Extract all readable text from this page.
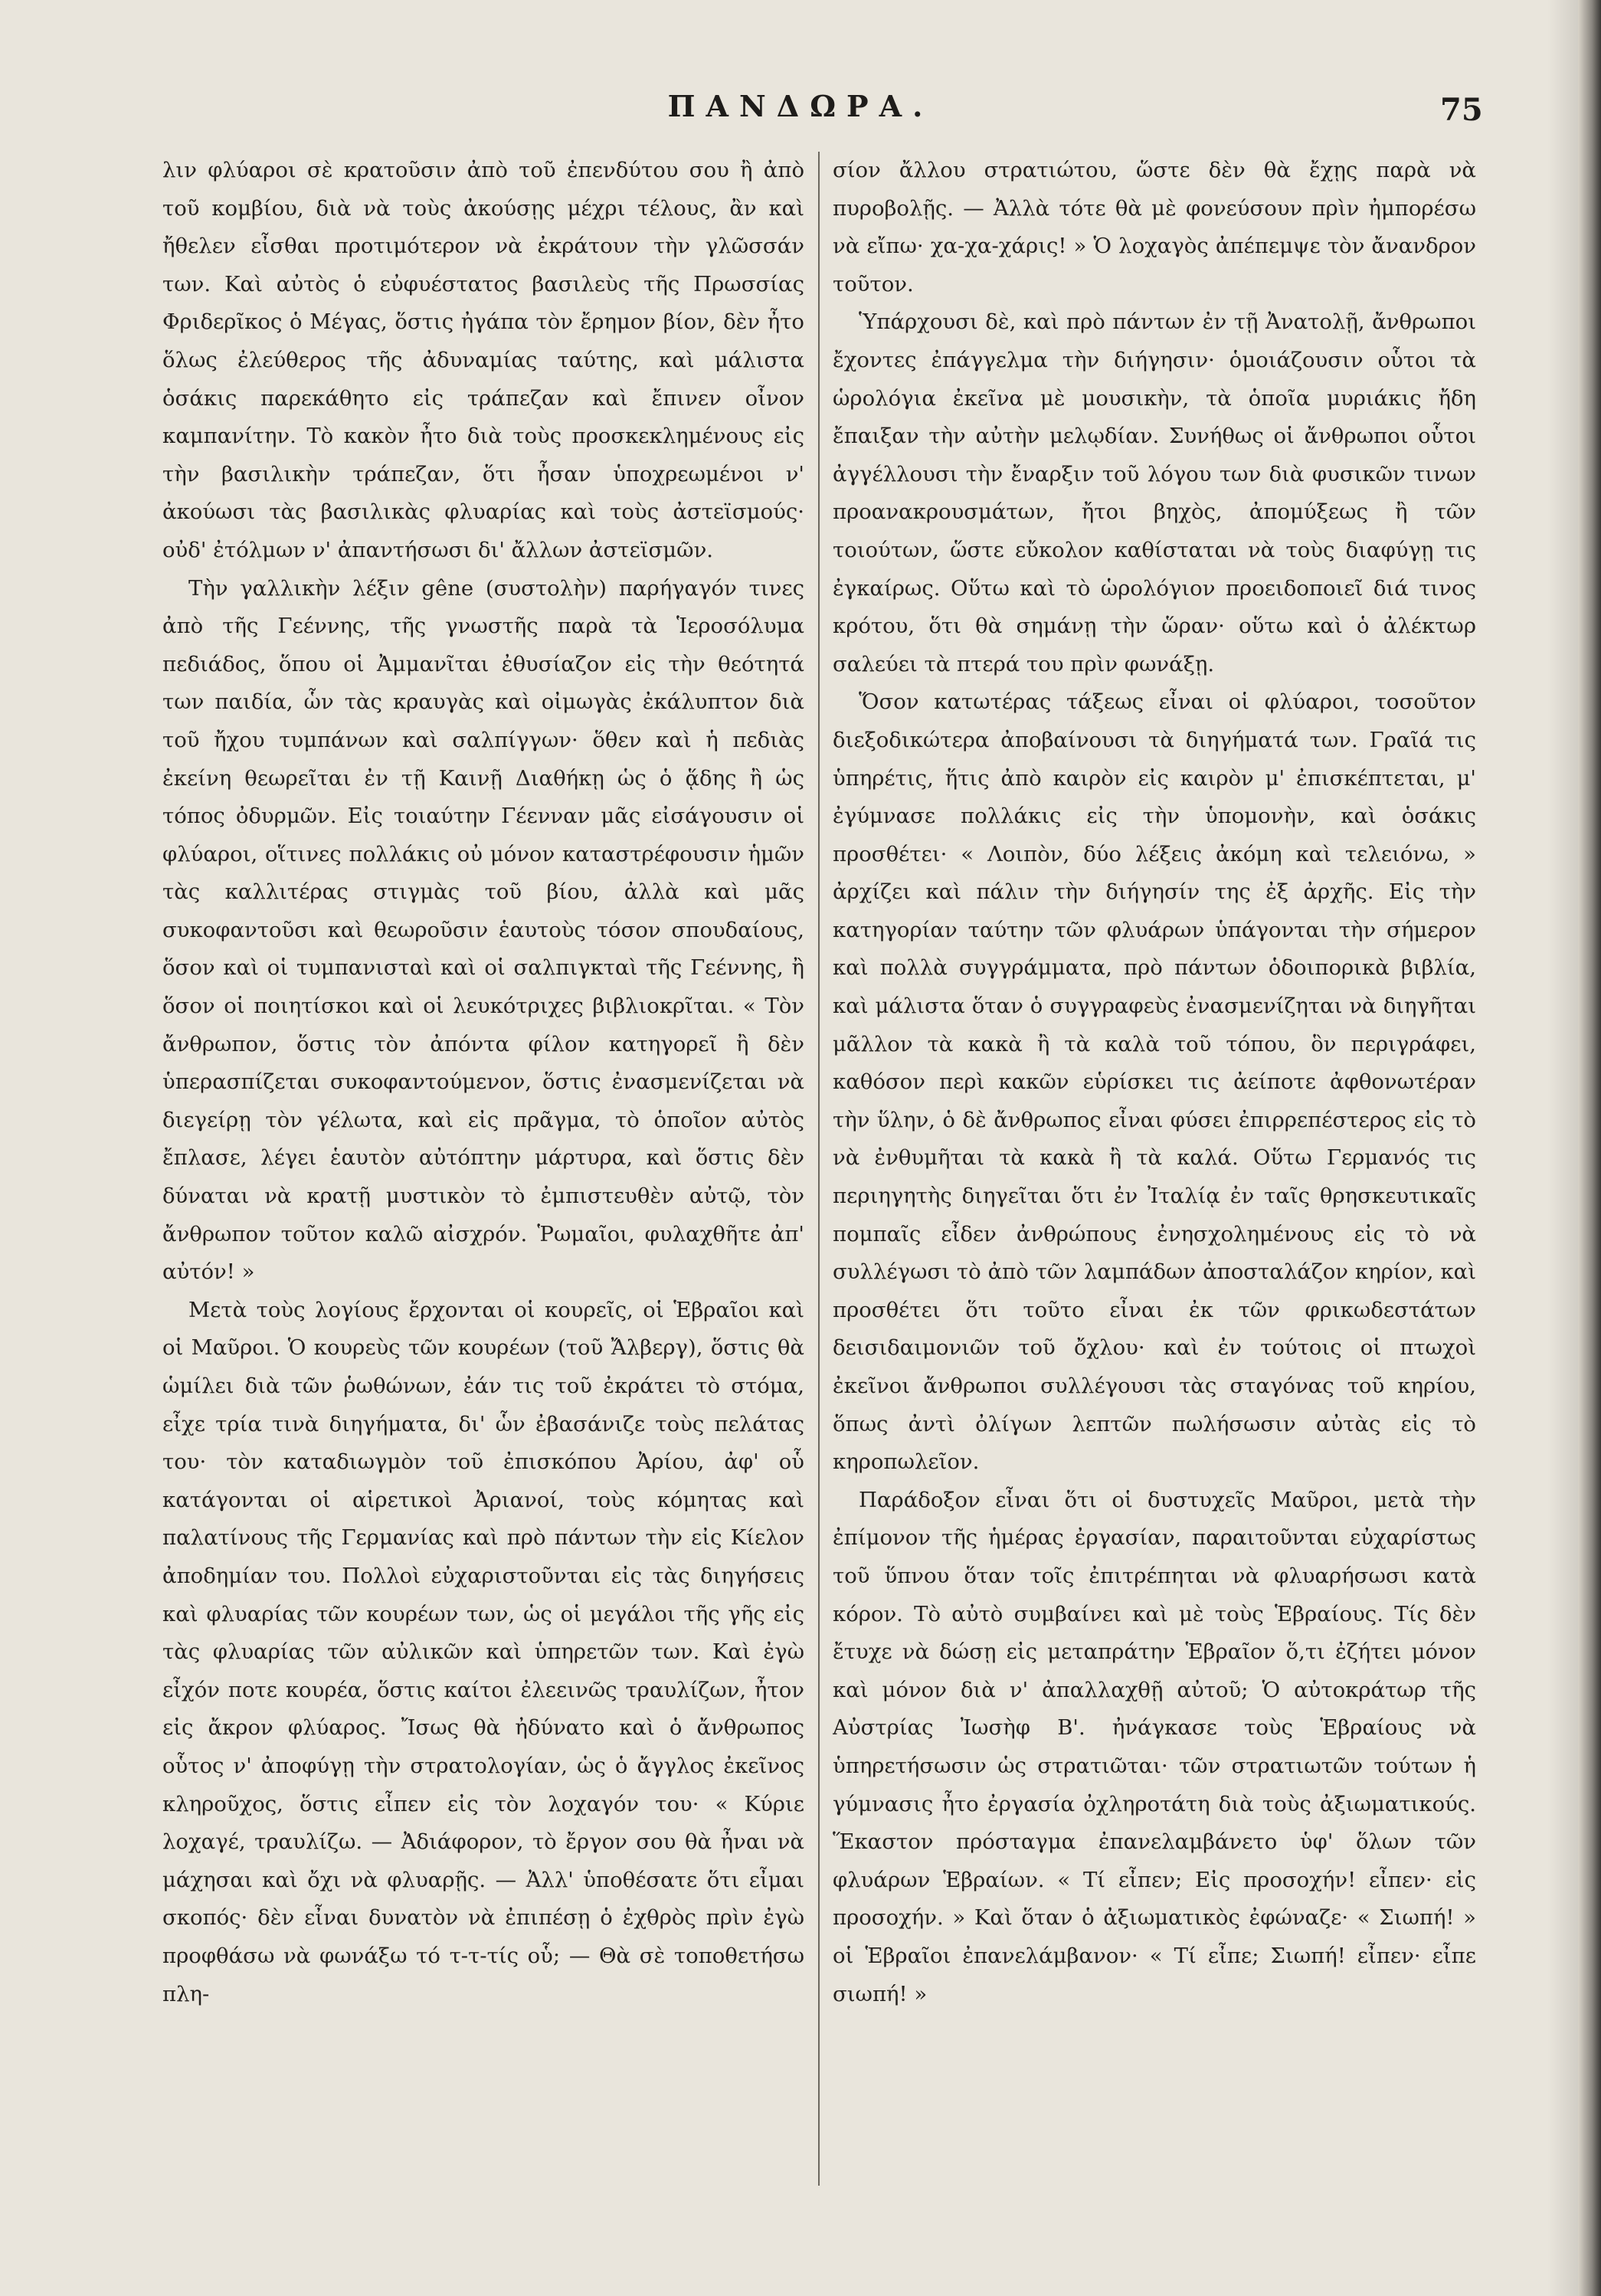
ΠΑΝΔΩΡΑ.	75

λιν φλύαροι σὲ κρατοῦσιν ἀπὸ τοῦ ἐπενδύτου σου ἢ ἀπὸ τοῦ κομβίου, διὰ νὰ τοὺς ἀκούσῃς μέχρι τέλους, ἂν καὶ ἤθελεν εἶσθαι προτιμότερον νὰ ἐκράτουν τὴν γλῶσσάν των. Καὶ αὐτὸς ὁ εὐφυέστατος βασιλεὺς τῆς Πρωσσίας Φριδερῖκος ὁ Μέγας, ὅστις ἠγάπα τὸν ἔρημον βίον, δὲν ἦτο ὅλως ἐλεύθερος τῆς ἀδυναμίας ταύτης, καὶ μάλιστα ὁσάκις παρεκάθητο εἰς τράπεζαν καὶ ἔπινεν οἶνον καμπανίτην. Τὸ κακὸν ἦτο διὰ τοὺς προσκεκλημένους εἰς τὴν βασιλικὴν τράπεζαν, ὅτι ἦσαν ὑποχρεωμένοι ν' ἀκούωσι τὰς βασιλικὰς φλυαρίας καὶ τοὺς ἀστεϊσμούς· οὐδ' ἐτόλμων ν' ἀπαντήσωσι δι' ἄλλων ἀστεϊσμῶν.

Τὴν γαλλικὴν λέξιν gêne (συστολὴν) παρήγαγόν τινες ἀπὸ τῆς Γεέννης, τῆς γνωστῆς παρὰ τὰ Ἱεροσόλυμα πεδιάδος, ὅπου οἱ Ἀμμανῖται ἐθυσίαζον εἰς τὴν θεότητά των παιδία, ὧν τὰς κραυγὰς καὶ οἰμωγὰς ἐκάλυπτον διὰ τοῦ ἤχου τυμπάνων καὶ σαλπίγγων· ὅθεν καὶ ἡ πεδιὰς ἐκείνη θεωρεῖται ἐν τῇ Καινῇ Διαθήκῃ ὡς ὁ ᾅδης ἢ ὡς τόπος ὀδυρμῶν. Εἰς τοιαύτην Γέενναν μᾶς εἰσάγουσιν οἱ φλύαροι, οἵτινες πολλάκις οὐ μόνον καταστρέφουσιν ἡμῶν τὰς καλλιτέρας στιγμὰς τοῦ βίου, ἀλλὰ καὶ μᾶς συκοφαντοῦσι καὶ θεωροῦσιν ἑαυτοὺς τόσον σπουδαίους, ὅσον καὶ οἱ τυμπανισταὶ καὶ οἱ σαλπιγκταὶ τῆς Γεέννης, ἢ ὅσον οἱ ποιητίσκοι καὶ οἱ λευκότριχες βιβλιοκρῖται. « Τὸν ἄνθρωπον, ὅστις τὸν ἀπόντα φίλον κατηγορεῖ ἢ δὲν ὑπερασπίζεται συκοφαντούμενον, ὅστις ἐνασμενίζεται νὰ διεγείρῃ τὸν γέλωτα, καὶ εἰς πρᾶγμα, τὸ ὁποῖον αὐτὸς ἔπλασε, λέγει ἑαυτὸν αὐτόπτην μάρτυρα, καὶ ὅστις δὲν δύναται νὰ κρατῇ μυστικὸν τὸ ἐμπιστευθὲν αὐτῷ, τὸν ἄνθρωπον τοῦτον καλῶ αἰσχρόν. Ῥωμαῖοι, φυλαχθῆτε ἀπ' αὐτόν! »

Μετὰ τοὺς λογίους ἔρχονται οἱ κουρεῖς, οἱ Ἑβραῖοι καὶ οἱ Μαῦροι. Ὁ κουρεὺς τῶν κουρέων (τοῦ Ἄλβεργ), ὅστις θὰ ὡμίλει διὰ τῶν ῥωθώνων, ἐάν τις τοῦ ἐκράτει τὸ στόμα, εἶχε τρία τινὰ διηγήματα, δι' ὧν ἐβασάνιζε τοὺς πελάτας του· τὸν καταδιωγμὸν τοῦ ἐπισκόπου Ἀρίου, ἀφ' οὗ κατάγονται οἱ αἱρετικοὶ Ἀριανοί, τοὺς κόμητας καὶ παλατίνους τῆς Γερμανίας καὶ πρὸ πάντων τὴν εἰς Κίελον ἀποδημίαν του. Πολλοὶ εὐχαριστοῦνται εἰς τὰς διηγήσεις καὶ φλυαρίας τῶν κουρέων των, ὡς οἱ μεγάλοι τῆς γῆς εἰς τὰς φλυαρίας τῶν αὐλικῶν καὶ ὑπηρετῶν των. Καὶ ἐγὼ εἶχόν ποτε κουρέα, ὅστις καίτοι ἐλεεινῶς τραυλίζων, ἦτον εἰς ἄκρον φλύαρος. Ἴσως θὰ ἠδύνατο καὶ ὁ ἄνθρωπος οὗτος ν' ἀποφύγῃ τὴν στρατολογίαν, ὡς ὁ ἄγγλος ἐκεῖνος κληροῦχος, ὅστις εἶπεν εἰς τὸν λοχαγόν του· « Κύριε λοχαγέ, τραυλίζω. — Ἀδιάφορον, τὸ ἔργον σου θὰ ἦναι νὰ μάχησαι καὶ ὄχι νὰ φλυαρῇς. — Ἀλλ' ὑποθέσατε ὅτι εἶμαι σκοπός· δὲν εἶναι δυνατὸν νὰ ἐπιπέσῃ ὁ ἐχθρὸς πρὶν ἐγὼ προφθάσω νὰ φωνάξω τό τ-τ-τίς οὗ; — Θὰ σὲ τοποθετήσω πλη-

σίον ἄλλου στρατιώτου, ὥστε δὲν θὰ ἔχῃς παρὰ νὰ πυροβολῇς. — Ἀλλὰ τότε θὰ μὲ φονεύσουν πρὶν ἠμπορέσω νὰ εἴπω· χα-χα-χάρις! » Ὁ λοχαγὸς ἀπέπεμψε τὸν ἄνανδρον τοῦτον.

Ὑπάρχουσι δὲ, καὶ πρὸ πάντων ἐν τῇ Ἀνατολῇ, ἄνθρωποι ἔχοντες ἐπάγγελμα τὴν διήγησιν· ὁμοιάζουσιν οὗτοι τὰ ὡρολόγια ἐκεῖνα μὲ μουσικὴν, τὰ ὁποῖα μυριάκις ἤδη ἔπαιξαν τὴν αὐτὴν μελῳδίαν. Συνήθως οἱ ἄνθρωποι οὗτοι ἀγγέλλουσι τὴν ἔναρξιν τοῦ λόγου των διὰ φυσικῶν τινων προανακρουσμάτων, ἤτοι βηχὸς, ἀπομύξεως ἢ τῶν τοιούτων, ὥστε εὔκολον καθίσταται νὰ τοὺς διαφύγῃ τις ἐγκαίρως. Οὕτω καὶ τὸ ὡρολόγιον προειδοποιεῖ διά τινος κρότου, ὅτι θὰ σημάνῃ τὴν ὥραν· οὕτω καὶ ὁ ἀλέκτωρ σαλεύει τὰ πτερά του πρὶν φωνάξῃ.

Ὅσον κατωτέρας τάξεως εἶναι οἱ φλύαροι, τοσοῦτον διεξοδικώτερα ἀποβαίνουσι τὰ διηγήματά των. Γραῖά τις ὑπηρέτις, ἥτις ἀπὸ καιρὸν εἰς καιρὸν μ' ἐπισκέπτεται, μ' ἐγύμνασε πολλάκις εἰς τὴν ὑπομονὴν, καὶ ὁσάκις προσθέτει· « Λοιπὸν, δύο λέξεις ἀκόμη καὶ τελειόνω, » ἀρχίζει καὶ πάλιν τὴν διήγησίν της ἐξ ἀρχῆς. Εἰς τὴν κατηγορίαν ταύτην τῶν φλυάρων ὑπάγονται τὴν σήμερον καὶ πολλὰ συγγράμματα, πρὸ πάντων ὁδοιπορικὰ βιβλία, καὶ μάλιστα ὅταν ὁ συγγραφεὺς ἐνασμενίζηται νὰ διηγῆται μᾶλλον τὰ κακὰ ἢ τὰ καλὰ τοῦ τόπου, ὃν περιγράφει, καθόσον περὶ κακῶν εὑρίσκει τις ἀείποτε ἀφθονωτέραν τὴν ὕλην, ὁ δὲ ἄνθρωπος εἶναι φύσει ἐπιρρεπέστερος εἰς τὸ νὰ ἐνθυμῆται τὰ κακὰ ἢ τὰ καλά. Οὕτω Γερμανός τις περιηγητὴς διηγεῖται ὅτι ἐν Ἰταλίᾳ ἐν ταῖς θρησκευτικαῖς πομπαῖς εἶδεν ἀνθρώπους ἐνησχολημένους εἰς τὸ νὰ συλλέγωσι τὸ ἀπὸ τῶν λαμπάδων ἀποσταλάζον κηρίον, καὶ προσθέτει ὅτι τοῦτο εἶναι ἐκ τῶν φρικωδεστάτων δεισιδαιμονιῶν τοῦ ὄχλου· καὶ ἐν τούτοις οἱ πτωχοὶ ἐκεῖνοι ἄνθρωποι συλλέγουσι τὰς σταγόνας τοῦ κηρίου, ὅπως ἀντὶ ὀλίγων λεπτῶν πωλήσωσιν αὐτὰς εἰς τὸ κηροπωλεῖον.

Παράδοξον εἶναι ὅτι οἱ δυστυχεῖς Μαῦροι, μετὰ τὴν ἐπίμονον τῆς ἡμέρας ἐργασίαν, παραιτοῦνται εὐχαρίστως τοῦ ὕπνου ὅταν τοῖς ἐπιτρέπηται νὰ φλυαρήσωσι κατὰ κόρον. Τὸ αὐτὸ συμβαίνει καὶ μὲ τοὺς Ἑβραίους. Τίς δὲν ἔτυχε νὰ δώσῃ εἰς μεταπράτην Ἑβραῖον ὅ,τι ἐζήτει μόνον καὶ μόνον διὰ ν' ἀπαλλαχθῇ αὐτοῦ; Ὁ αὐτοκράτωρ τῆς Αὐστρίας Ἰωσὴφ Β'. ἠνάγκασε τοὺς Ἑβραίους νὰ ὑπηρετήσωσιν ὡς στρατιῶται· τῶν στρατιωτῶν τούτων ἡ γύμνασις ἦτο ἐργασία ὀχληροτάτη διὰ τοὺς ἀξιωματικούς. Ἕκαστον πρόσταγμα ἐπανελαμβάνετο ὑφ' ὅλων τῶν φλυάρων Ἑβραίων. « Τί εἶπεν; Εἰς προσοχήν! εἶπεν· εἰς προσοχήν. » Καὶ ὅταν ὁ ἀξιωματικὸς ἐφώναζε· « Σιωπή! » οἱ Ἑβραῖοι ἐπανελάμβανον· « Τί εἶπε; Σιωπή! εἶπεν· εἶπε σιωπή! »
